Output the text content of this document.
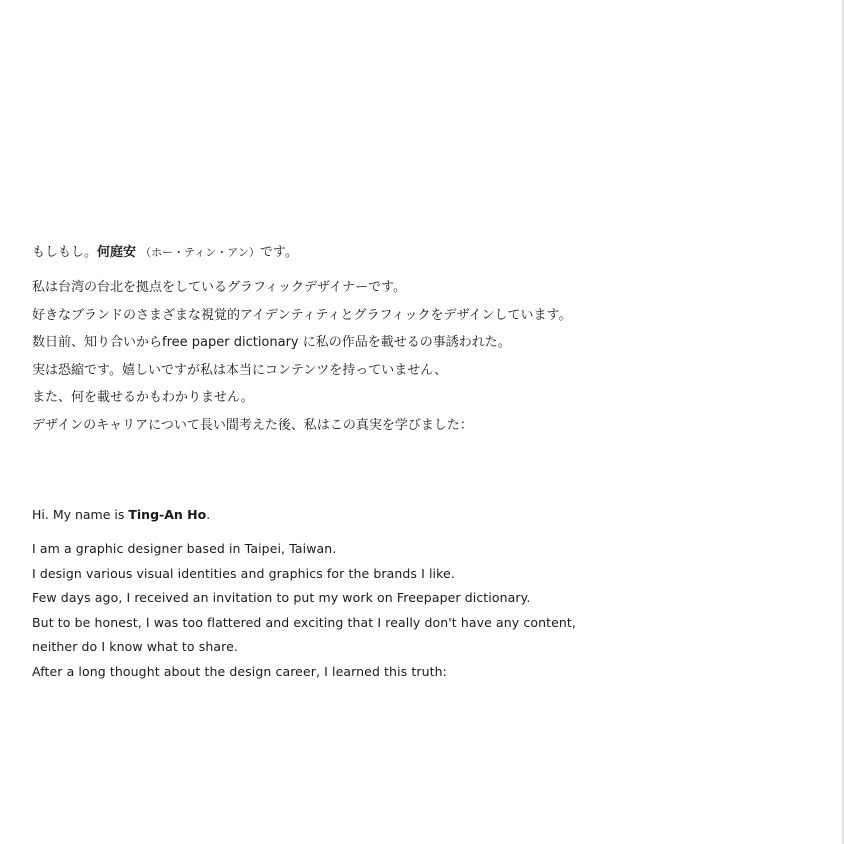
もしもし。何庭安 （ホー・ティン・アン）です。

私は台湾の台北を拠点をしているグラフィックデザイナーです。
好きなブランドのさまざまな視覚的アイデンティティとグラフィックをデザインしています。
数日前、知り合いからfree paper dictionary に私の作品を載せるの事誘われた。
実は恐縮です。嬉しいですが私は本当にコンテンツを持っていません、
また、何を載せるかもわかりません。
デザインのキャリアについて長い間考えた後、私はこの真実を学びました：

Hi. My name is Ting-An Ho.

I am a graphic designer based in Taipei, Taiwan.
I design various visual identities and graphics for the brands I like.
Few days ago, I received an invitation to put my work on Freepaper dictionary.
But to be honest, I was too flattered and exciting that I really don't have any content,
neither do I know what to share.
After a long thought about the design career, I learned this truth:
